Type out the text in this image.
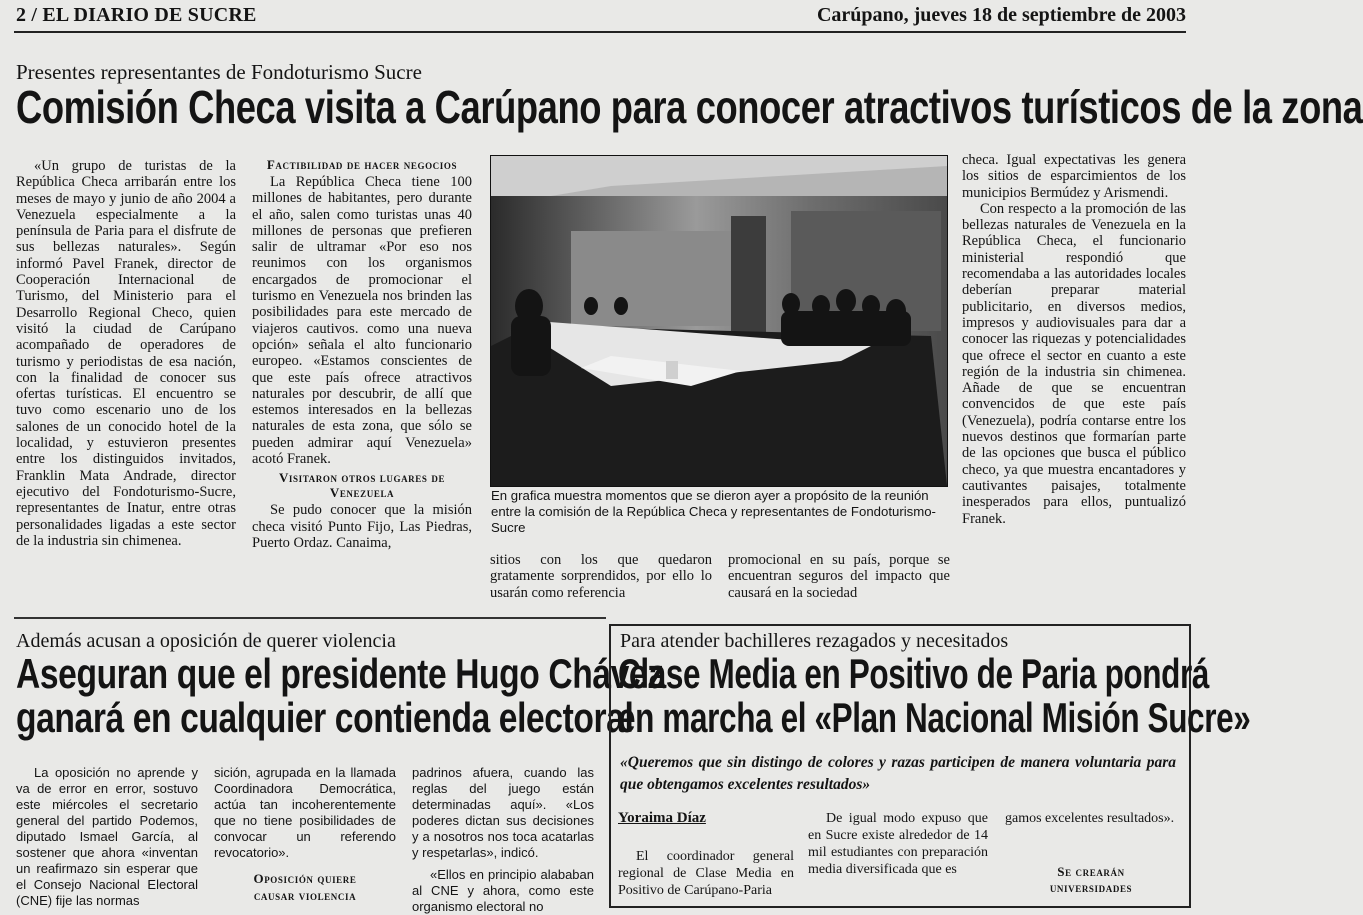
2 / EL DIARIO DE SUCRE	Carúpano, jueves 18 de septiembre de 2003
Presentes representantes de Fondoturismo Sucre
Comisión Checa visita a Carúpano para conocer atractivos turísticos de la zona

«Un grupo de turistas de la República Checa arribarán entre los meses de mayo y junio de año 2004 a Venezuela especialmente a la península de Paria para el disfrute de sus bellezas naturales». Según informó Pavel Franek, director de Cooperación Internacional de Turismo, del Ministerio para el Desarrollo Regional Checo, quien visitó la ciudad de Carúpano acompañado de operadores de turismo y periodistas de esa nación, con la finalidad de conocer sus ofertas turísticas. El encuentro se tuvo como escenario uno de los salones de un conocido hotel de la localidad, y estuvieron presentes entre los distinguidos invitados, Franklin Mata Andrade, director ejecutivo del Fondoturismo-Sucre, representantes de Inatur, entre otras personalidades ligadas a este sector de la industria sin chimenea.

Factibilidad de hacer negocios

La República Checa tiene 100 millones de habitantes, pero durante el año, salen como turistas unas 40 millones de personas que prefieren salir de ultramar «Por eso nos reunimos con los organismos encargados de promocionar el turismo en Venezuela nos brinden las posibilidades para este mercado de viajeros cautivos. como una nueva opción» señala el alto funcionario europeo. «Estamos conscientes de que este país ofrece atractivos naturales por descubrir, de allí que estemos interesados en la bellezas naturales de esta zona, que sólo se pueden admirar aquí Venezuela» acotó Franek.

Visitaron otros lugares de Venezuela

Se pudo conocer que la misión checa visitó Punto Fijo, Las Piedras, Puerto Ordaz. Canaima,

En grafica muestra momentos que se dieron ayer a propósito de la reunión entre la comisión de la República Checa y representantes de Fondoturismo- Sucre

sitios con los que quedaron gratamente sorprendidos, por ello lo usarán como referencia

promocional en su país, porque se encuentran seguros del impacto que causará en la sociedad

checa. Igual expectativas les genera los sitios de esparcimientos de los municipios Bermúdez y Arismendi.

Con respecto a la promoción de las bellezas naturales de Venezuela en la República Checa, el funcionario ministerial respondió que recomendaba a las autoridades locales deberían preparar material publicitario, en diversos medios, impresos y audiovisuales para dar a conocer las riquezas y potencialidades que ofrece el sector en cuanto a este región de la industria sin chimenea. Añade de que se encuentran convencidos de que este país (Venezuela), podría contarse entre los nuevos destinos que formarían parte de las opciones que busca el público checo, ya que muestra encantadores y cautivantes paisajes, totalmente inesperados para ellos, puntualizó Franek.

Además acusan a oposición de querer violencia
Aseguran que el presidente Hugo Chávez
ganará en cualquier contienda electoral

La oposición no aprende y va de error en error, sostuvo este miércoles el secretario general del partido Podemos, diputado Ismael García, al sostener que ahora «inventan un reafirmazo sin esperar que el Consejo Nacional Electoral (CNE) fije las normas

sición, agrupada en la llamada Coordinadora Democrática, actúa tan incoherentemente que no tiene posibilidades de convocar un referendo revocatorio».

Oposición quiere
causar violencia

padrinos afuera, cuando las reglas del juego están determinadas aquí». «Los poderes dictan sus decisiones y a nosotros nos toca acatarlas y respetarlas», indicó.

«Ellos en principio alababan al CNE y ahora, como este organismo electoral no

Para atender bachilleres rezagados y necesitados
Clase Media en Positivo de Paria pondrá
en marcha el «Plan Nacional Misión Sucre»
«Queremos que sin distingo de colores y razas participen de manera voluntaria para que obtengamos excelentes resultados»
Yoraima Díaz

El coordinador general regional de Clase Media en Positivo de Carúpano-Paria

De igual modo expuso que en Sucre existe alrededor de 14 mil estudiantes con preparación media diversificada que es

gamos excelentes resultados».

Se crearán
universidades
